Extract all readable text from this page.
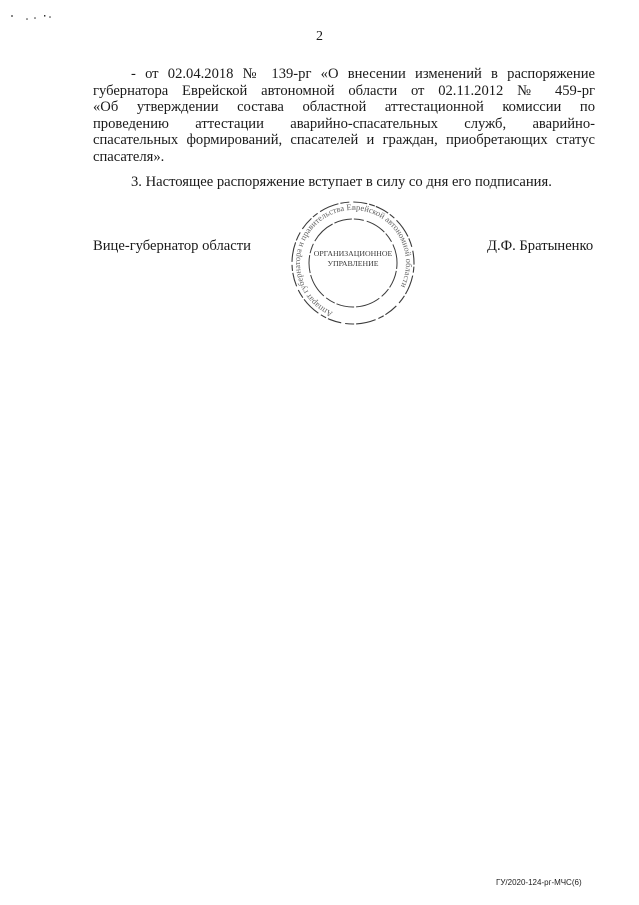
2
- от 02.04.2018 № 139-рг «О внесении изменений в распоряжение
губернатора Еврейской автономной области от 02.11.2012 № 459-рг
«Об утверждении состава областной аттестационной комиссии по
проведению аттестации аварийно-спасательных служб, аварийно-
спасательных формирований, спасателей и граждан, приобретающих статус
спасателя».
3. Настоящее распоряжение вступает в силу со дня его подписания.
Вице-губернатор области
Аппарат губернатора и правительства Еврейской автономной области
ОРГАНИЗАЦИОННОЕ
УПРАВЛЕНИЕ
Д.Ф. Братыненко
ГУ/2020-124-рг-МЧС(6)
